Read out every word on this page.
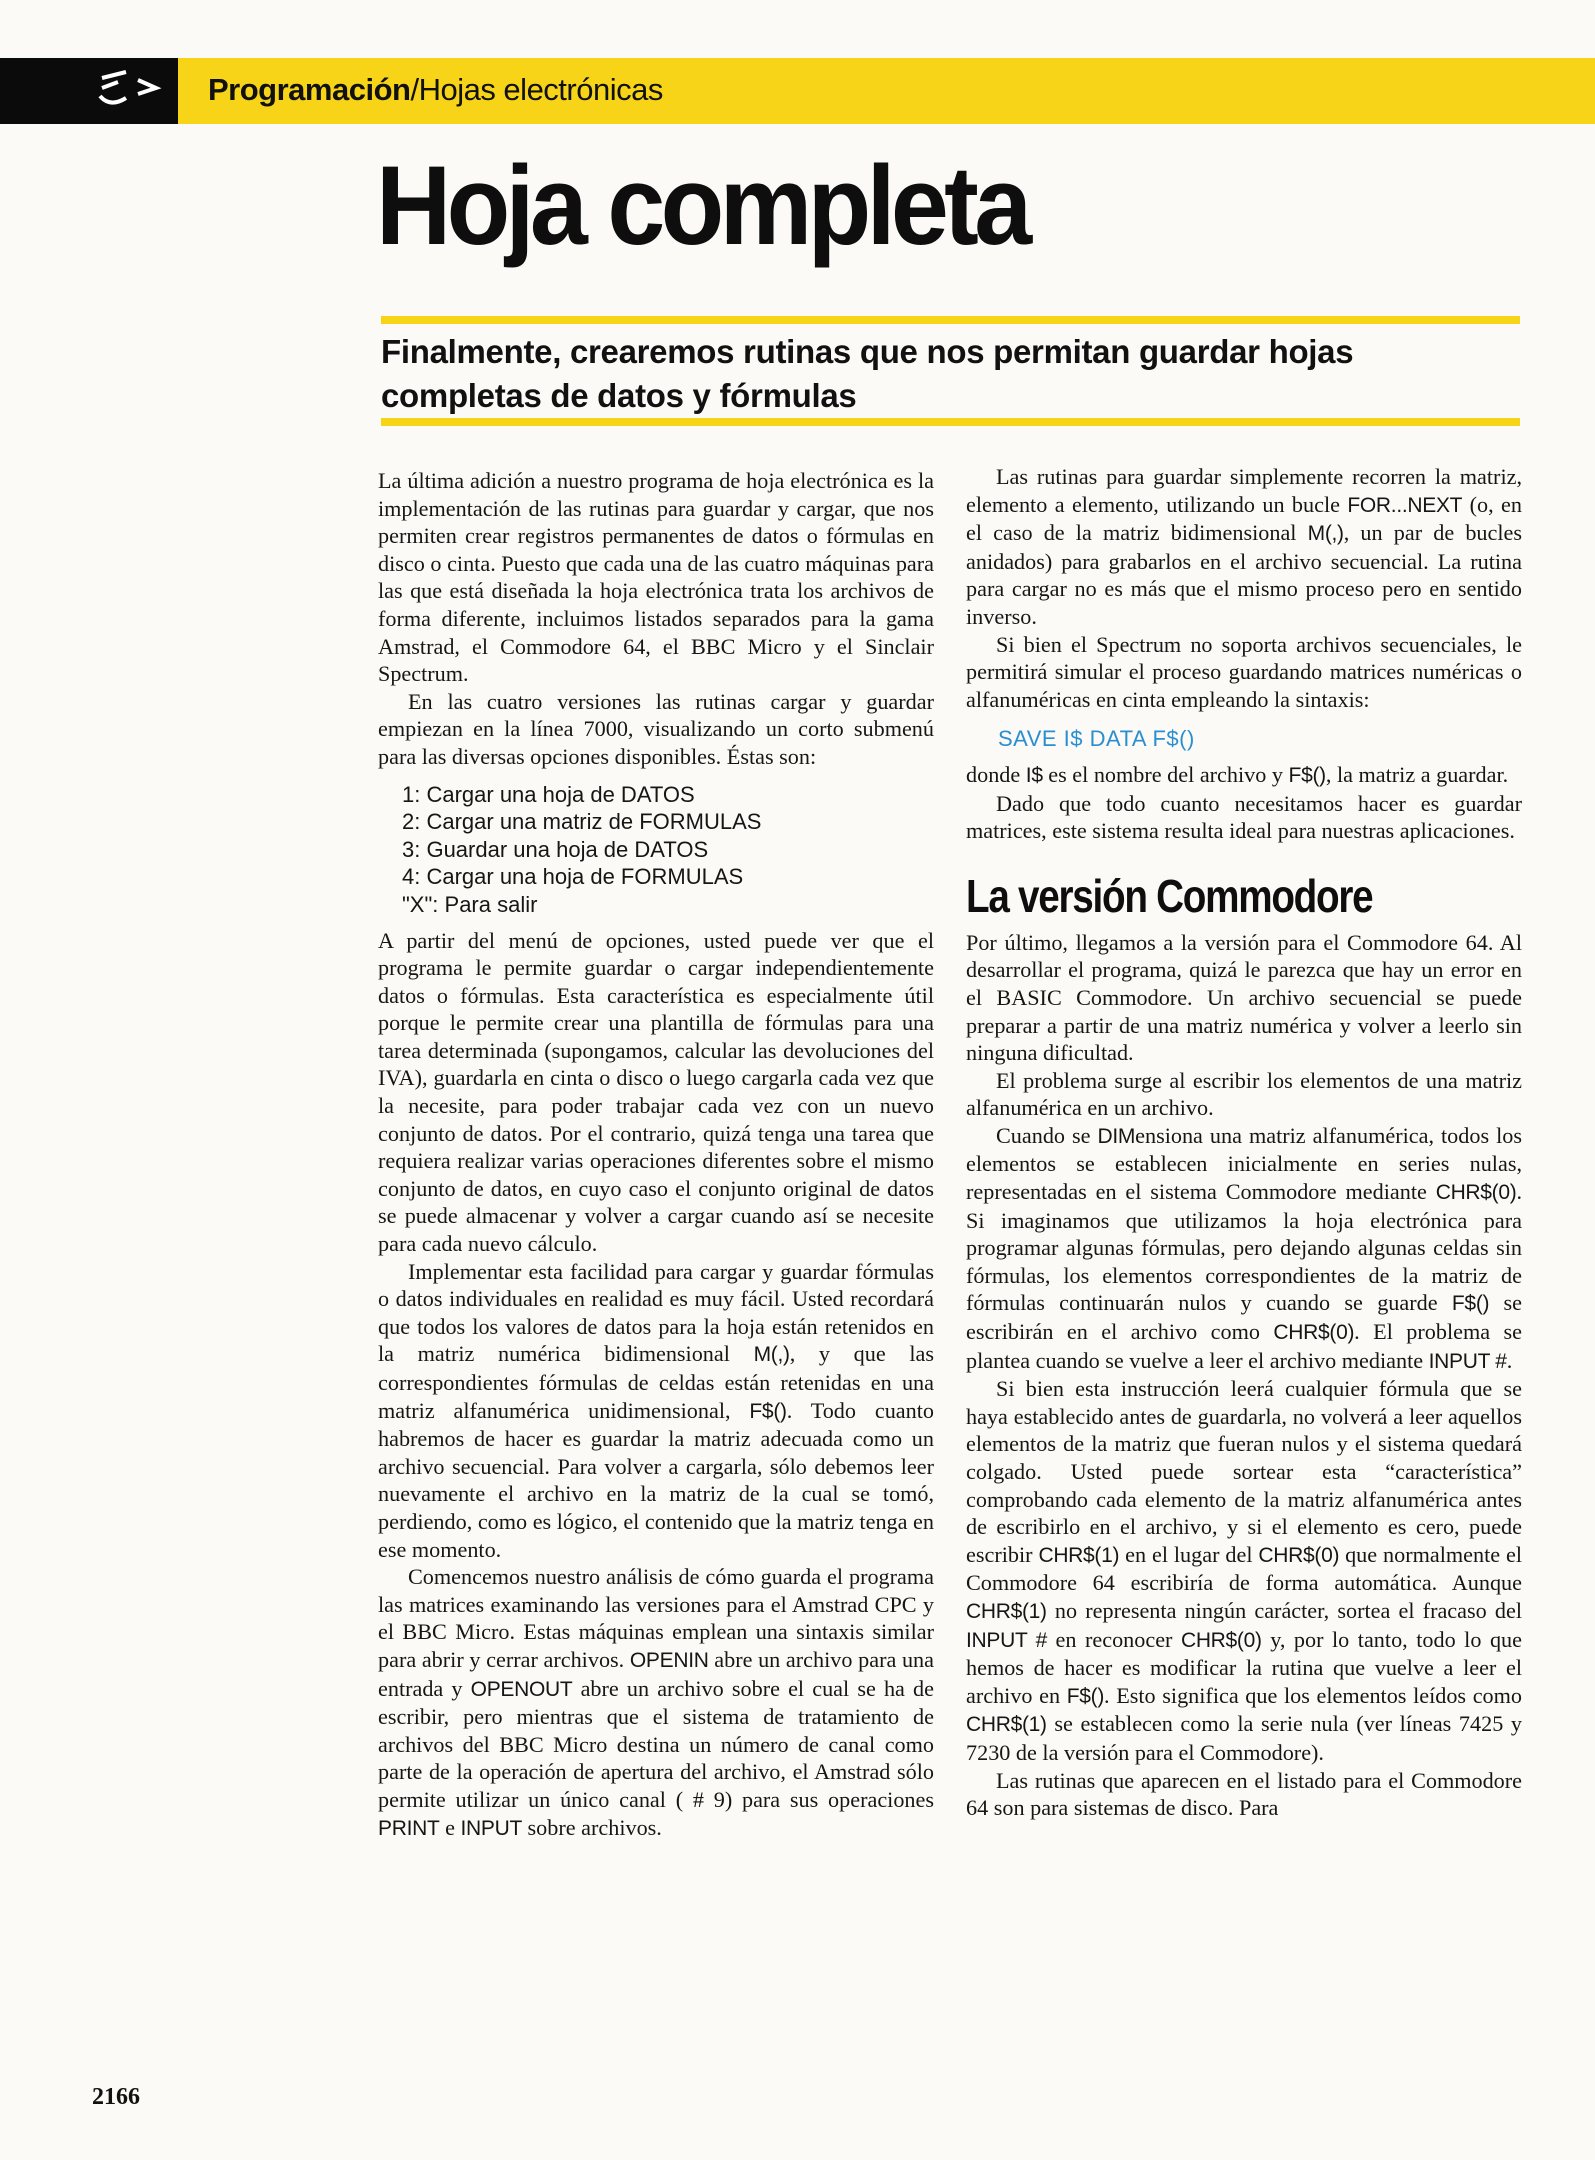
Programación/Hojas electrónicas
Hoja completa
Finalmente, crearemos rutinas que nos permitan guardar hojas completas de datos y fórmulas

La última adición a nuestro programa de hoja electrónica es la implementación de las rutinas para guardar y cargar, que nos permiten crear registros permanentes de datos o fórmulas en disco o cinta. Puesto que cada una de las cuatro máquinas para las que está diseñada la hoja electrónica trata los archivos de forma diferente, incluimos listados separados para la gama Amstrad, el Commodore 64, el BBC Micro y el Sinclair Spectrum.

En las cuatro versiones las rutinas cargar y guardar empiezan en la línea 7000, visualizando un corto submenú para las diversas opciones disponibles. Éstas son:

1: Cargar una hoja de DATOS
2: Cargar una matriz de FORMULAS
3: Guardar una hoja de DATOS
4: Cargar una hoja de FORMULAS
"X": Para salir

A partir del menú de opciones, usted puede ver que el programa le permite guardar o cargar independientemente datos o fórmulas. Esta característica es especialmente útil porque le permite crear una plantilla de fórmulas para una tarea determinada (supongamos, calcular las devoluciones del IVA), guardarla en cinta o disco o luego cargarla cada vez que la necesite, para poder trabajar cada vez con un nuevo conjunto de datos. Por el contrario, quizá tenga una tarea que requiera realizar varias operaciones diferentes sobre el mismo conjunto de datos, en cuyo caso el conjunto original de datos se puede almacenar y volver a cargar cuando así se necesite para cada nuevo cálculo.

Implementar esta facilidad para cargar y guardar fórmulas o datos individuales en realidad es muy fácil. Usted recordará que todos los valores de datos para la hoja están retenidos en la matriz numérica bidimensional M(,), y que las correspondientes fórmulas de celdas están retenidas en una matriz alfanumérica unidimensional, F$(). Todo cuanto habremos de hacer es guardar la matriz adecuada como un archivo secuencial. Para volver a cargarla, sólo debemos leer nuevamente el archivo en la matriz de la cual se tomó, perdiendo, como es lógico, el contenido que la matriz tenga en ese momento.

Comencemos nuestro análisis de cómo guarda el programa las matrices examinando las versiones para el Amstrad CPC y el BBC Micro. Estas máquinas emplean una sintaxis similar para abrir y cerrar archivos. OPENIN abre un archivo para una entrada y OPENOUT abre un archivo sobre el cual se ha de escribir, pero mientras que el sistema de tratamiento de archivos del BBC Micro destina un número de canal como parte de la operación de apertura del archivo, el Amstrad sólo permite utilizar un único canal ( # 9) para sus operaciones PRINT e INPUT sobre archivos.

Las rutinas para guardar simplemente recorren la matriz, elemento a elemento, utilizando un bucle FOR...NEXT (o, en el caso de la matriz bidimensional M(,), un par de bucles anidados) para grabarlos en el archivo secuencial. La rutina para cargar no es más que el mismo proceso pero en sentido inverso.

Si bien el Spectrum no soporta archivos secuenciales, le permitirá simular el proceso guardando matrices numéricas o alfanuméricas en cinta empleando la sintaxis:

SAVE I$ DATA F$()

donde I$ es el nombre del archivo y F$(), la matriz a guardar.

Dado que todo cuanto necesitamos hacer es guardar matrices, este sistema resulta ideal para nuestras aplicaciones.

La versión Commodore

Por último, llegamos a la versión para el Commodore 64. Al desarrollar el programa, quizá le parezca que hay un error en el BASIC Commodore. Un archivo secuencial se puede preparar a partir de una matriz numérica y volver a leerlo sin ninguna dificultad.

El problema surge al escribir los elementos de una matriz alfanumérica en un archivo.

Cuando se DIMensiona una matriz alfanumérica, todos los elementos se establecen inicialmente en series nulas, representadas en el sistema Commodore mediante CHR$(0). Si imaginamos que utilizamos la hoja electrónica para programar algunas fórmulas, pero dejando algunas celdas sin fórmulas, los elementos correspondientes de la matriz de fórmulas continuarán nulos y cuando se guarde F$() se escribirán en el archivo como CHR$(0). El problema se plantea cuando se vuelve a leer el archivo mediante INPUT #.

Si bien esta instrucción leerá cualquier fórmula que se haya establecido antes de guardarla, no volverá a leer aquellos elementos de la matriz que fueran nulos y el sistema quedará colgado. Usted puede sortear esta “característica” comprobando cada elemento de la matriz alfanumérica antes de escribirlo en el archivo, y si el elemento es cero, puede escribir CHR$(1) en el lugar del CHR$(0) que normalmente el Commodore 64 escribiría de forma automática. Aunque CHR$(1) no representa ningún carácter, sortea el fracaso del INPUT # en reconocer CHR$(0) y, por lo tanto, todo lo que hemos de hacer es modificar la rutina que vuelve a leer el archivo en F$(). Esto significa que los elementos leídos como CHR$(1) se establecen como la serie nula (ver líneas 7425 y 7230 de la versión para el Commodore).

Las rutinas que aparecen en el listado para el Commodore 64 son para sistemas de disco. Para

2166
